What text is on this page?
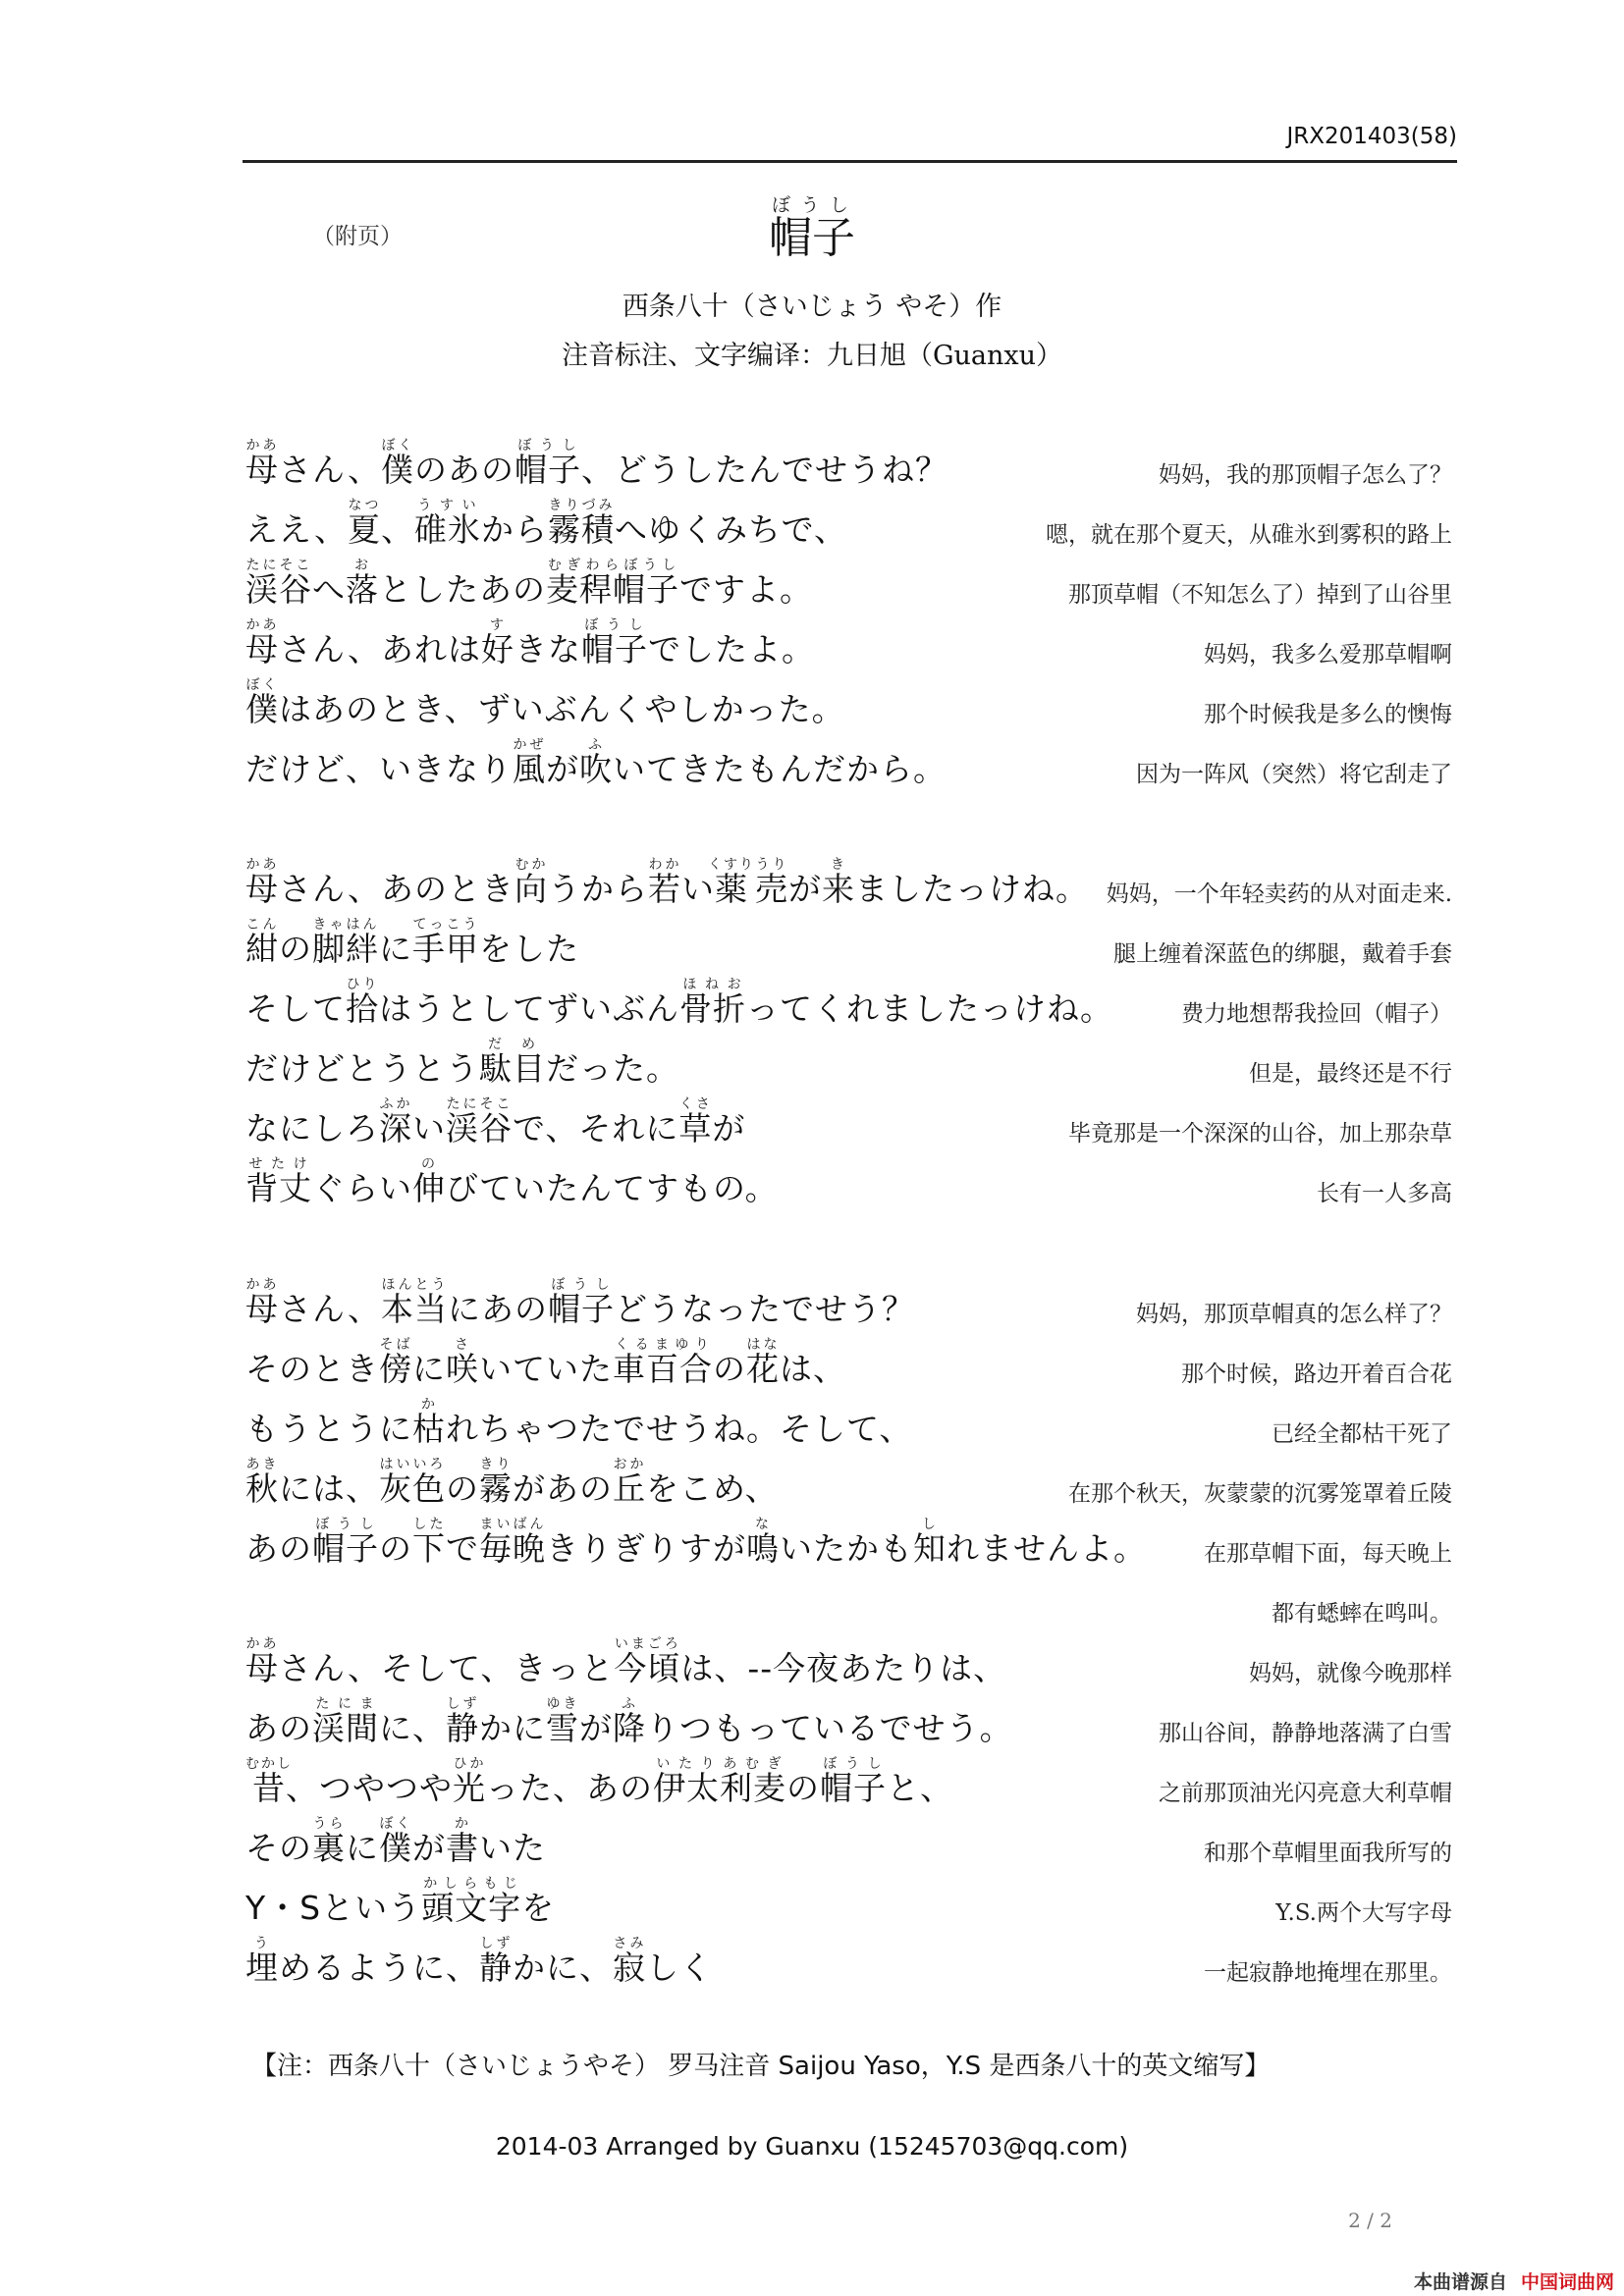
JRX201403(58)
（附页）	帽子ぼうし
西条八十（さいじょう やそ）作
注音标注、文字编译：九日旭（Guanxu）
母かあさん、僕ぼくのあの帽子ぼうし、どうしたんでせうね？	妈妈，我的那顶帽子怎么了？
ええ、夏なつ、碓氷うすいから霧積きりづみへゆくみちで、	嗯，就在那个夏天，从碓氷到雾积的路上
渓谷たにそこへ落おとしたあの麦稈帽子むぎわらぼうしですよ。	那顶草帽（不知怎么了）掉到了山谷里
母かあさん、あれは好すきな帽子ぼうしでしたよ。	妈妈，我多么爱那草帽啊
僕ぼくはあのとき、ずいぶんくやしかった。	那个时候我是多么的懊悔
だけど、いきなり風かぜが吹ふいてきたもんだから。	因为一阵风（突然）将它刮走了
母かあさん、あのとき向むかうから若わかい薬くすり売うりが来きましたっけね。 妈妈，一个年轻卖药的从对面走来.
紺こんの脚絆きゃはんに手甲てっこうをした	腿上缠着深蓝色的绑腿，戴着手套
そして拾ひりはうとしてずいぶん骨折ほねおってくれましたっけね。	费力地想帮我捡回（帽子）
だけどとうとう駄目だめだった。	但是，最终还是不行
なにしろ深ふかい渓谷たにそこで、それに草くさが	毕竟那是一个深深的山谷，加上那杂草
背丈せたけぐらい伸のびていたんてすもの。	长有一人多高
母かあさん、本当ほんとうにあの帽子ぼうしどうなったでせう？	妈妈，那顶草帽真的怎么样了？
そのとき傍そばに咲さいていた車百合くるまゆりの花はなは、	那个时候，路边开着百合花
もうとうに枯かれちゃつたでせうね。そして、	已经全都枯干死了
秋あきには、灰色はいいろの霧きりがあの丘おかをこめ、	在那个秋天，灰蒙蒙的沉雾笼罩着丘陵
あの帽子ぼうしの下したで毎晩まいばんきりぎりすが鳴ないたかも知しれませんよ。	在那草帽下面，每天晚上
都有蟋蟀在鸣叫。
母かあさん、そして、きっと今頃いまごろは、--今夜あたりは、	妈妈，就像今晚那样
あの渓間たにまに、静しずかに雪ゆきが降ふりつもっているでせう。	那山谷间，静静地落满了白雪
昔むかし、つやつや光ひかった、あの伊太利麦いたりあむぎの帽子ぼうしと、	之前那顶油光闪亮意大利草帽
その裏うらに僕ぼくが書かいた	和那个草帽里面我所写的
Y・Sという頭文字かしらもじを	Y.S.两个大写字母
埋うめるように、静しずかに、寂さみしく	一起寂静地掩埋在那里。
【注：西条八十（さいじょうやそ） 罗马注音 Saijou Yaso，Y.S 是西条八十的英文缩写】
2014-03 Arranged by Guanxu (15245703@qq.com)
2 / 2
本曲谱源自 中国词曲网
